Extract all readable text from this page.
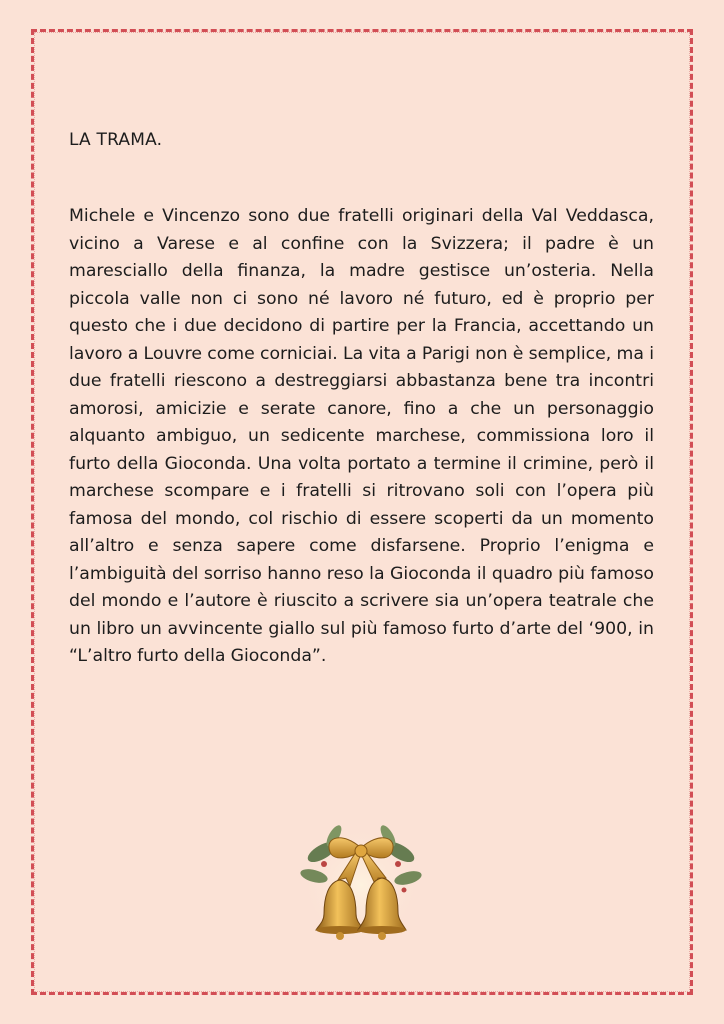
LA TRAMA.

Michele e Vincenzo sono due fratelli originari della Val Veddasca, vicino a Varese e al confine con la Svizzera; il padre è un maresciallo della finanza, la madre gestisce un’osteria. Nella piccola valle non ci sono né lavoro né futuro, ed è proprio per questo che i due decidono di partire per la Francia, accettando un lavoro a Louvre come corniciai. La vita a Parigi non è semplice, ma i due fratelli riescono a destreggiarsi abbastanza bene tra incontri amorosi, amicizie e serate canore, fino a che un personaggio alquanto ambiguo, un sedicente marchese, commissiona loro il furto della Gioconda. Una volta portato a termine il crimine, però il marchese scompare e i fratelli si ritrovano soli con l’opera più famosa del mondo, col rischio di essere scoperti da un momento all’altro e senza sapere come disfarsene. Proprio l’enigma e l’ambiguità del sorriso hanno reso la Gioconda il quadro più famoso del mondo e l’autore è riuscito a scrivere sia un’opera teatrale che un libro un avvincente giallo sul più famoso furto d’arte del ‘900, in “L’altro furto della Gioconda”.
